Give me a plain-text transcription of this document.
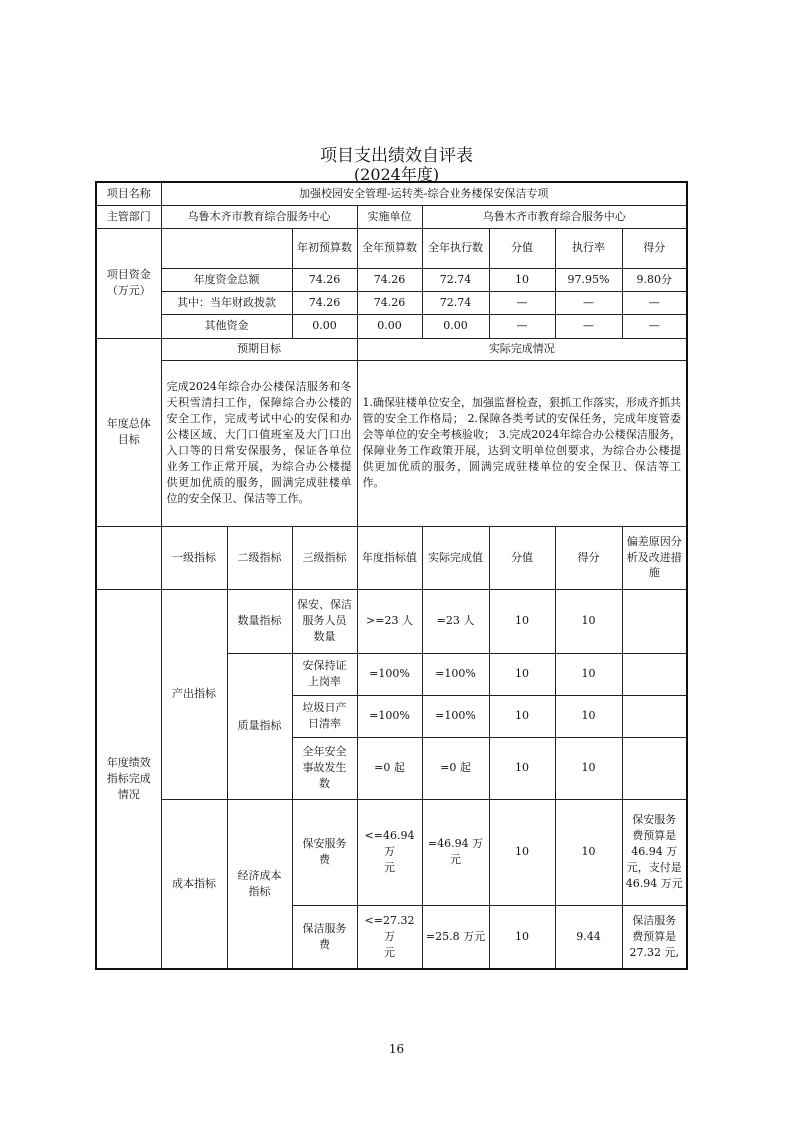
项目支出绩效自评表
(2024年度)
项目名称	加强校园安全管理-运转类-综合业务楼保安保洁专项							
主管部门	乌鲁木齐市教育综合服务中心			实施单位	乌鲁木齐市教育综合服务中心			
项目资金
（万元）			年初预算数	全年预算数	全年执行数	分值	执行率	得分
	年度资金总额		74.26	74.26	72.74	10	97.95%	9.80分
	其中：当年财政拨款		74.26	74.26	72.74	—	—	—
	其他资金		0.00	0.00	0.00	—	—	—
年度总体
目标	预期目标			实际完成情况				
	完成2024年综合办公楼保洁服务和冬天积雪清扫工作，保障综合办公楼的安全工作，完成考试中心的安保和办公楼区域、大门口值班室及大门口出入口等的日常安保服务，保证各单位业务工作正常开展，为综合办公楼提供更加优质的服务，圆满完成驻楼单位的安全保卫、保洁等工作。			1.确保驻楼单位安全，加强监督检查，狠抓工作落实，形成齐抓共管的安全工作格局； 2.保障各类考试的安保任务，完成年度管委会等单位的安全考核验收； 3.完成2024年综合办公楼保洁服务，保障业务工作政策开展，达到文明单位创要求，为综合办公楼提供更加优质的服务，圆满完成驻楼单位的安全保卫、保洁等工作。				
	一级指标	二级指标	三级指标	年度指标值	实际完成值	分值	得分	偏差原因分析及改进措施
年度绩效
指标完成
情况	产出指标	数量指标	保安、保洁
服务人员
数量	>=23 人	=23 人	10	10	
		质量指标	安保持证
上岗率	=100%	=100%	10	10	
			垃圾日产
日清率	=100%	=100%	10	10	
			全年安全
事故发生
数	=0 起	=0 起	10	10	
	成本指标	经济成本
指标	保安服务
费	<=46.94 万
元	=46.94 万
元	10	10	保安服务
费预算是
46.94 万
元，支付是
46.94 万元
			保洁服务
费	<=27.32 万
元	=25.8 万元	10	9.44	保洁服务
费预算是
27.32 元,
16
